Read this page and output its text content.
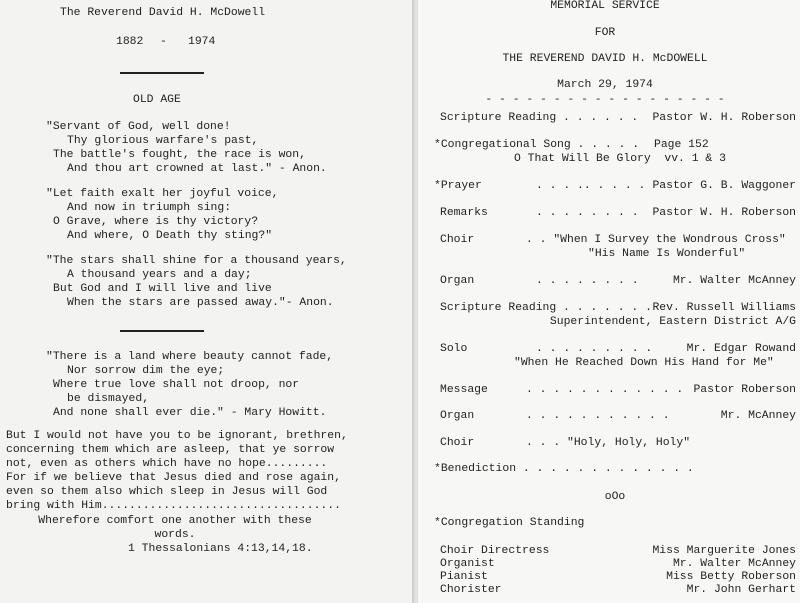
The Reverend David H. McDowell
1882 - 1974
OLD AGE
"Servant of God, well done!
Thy glorious warfare's past,
The battle's fought, the race is won,
And thou art crowned at last." - Anon.
"Let faith exalt her joyful voice,
And now in triumph sing:
O Grave, where is thy victory?
And where, O Death thy sting?"
"The stars shall shine for a thousand years,
A thousand years and a day;
But God and I will live and live
When the stars are passed away."- Anon.
"There is a land where beauty cannot fade,
Nor sorrow dim the eye;
Where true love shall not droop, nor
be dismayed,
And none shall ever die." - Mary Howitt.
But I would not have you to be ignorant, brethren,
concerning them which are asleep, that ye sorrow
not, even as others which have no hope.........
For if we believe that Jesus died and rose again,
even so them also which sleep in Jesus will God
bring with Him...................................
Wherefore comfort one another with these
words.
1 Thessalonians 4:13,14,18.
MEMORIAL SERVICE
FOR
THE REVEREND DAVID H. McDOWELL
March 29, 1974
- - - - - - - - - - - - - - - - - -
Scripture Reading . . . . . . Pastor W. H. Roberson
*Congregational Song . . . . . Page 152
O That Will Be Glory  vv. 1 & 3
*Prayer	. . . .. . . . . Pastor G. B. Waggoner
Remarks	. . . . . . . . Pastor W. H. Roberson
Choir	. . "When I Survey the Wondrous Cross"
"His Name Is Wonderful"
Organ	. . . . . . . .	Mr. Walter McAnney
Scripture Reading . . . . . . . Rev. Russell Williams
Superintendent, Eastern District A/G
Solo	. . . . . . . . .	Mr. Edgar Rowand
"When He Reached Down His Hand for Me"
Message	. . . . . . . . . . . . Pastor Roberson
Organ	. . . . . . . . . . .	Mr. McAnney
Choir	. . . "Holy, Holy, Holy"
*Benediction . . . . . . . . . . . . .
oOo
*Congregation Standing
Choir Directress	Miss Marguerite Jones
Organist	Mr. Walter McAnney
Pianist	Miss Betty Roberson
Chorister	Mr. John Gerhart
